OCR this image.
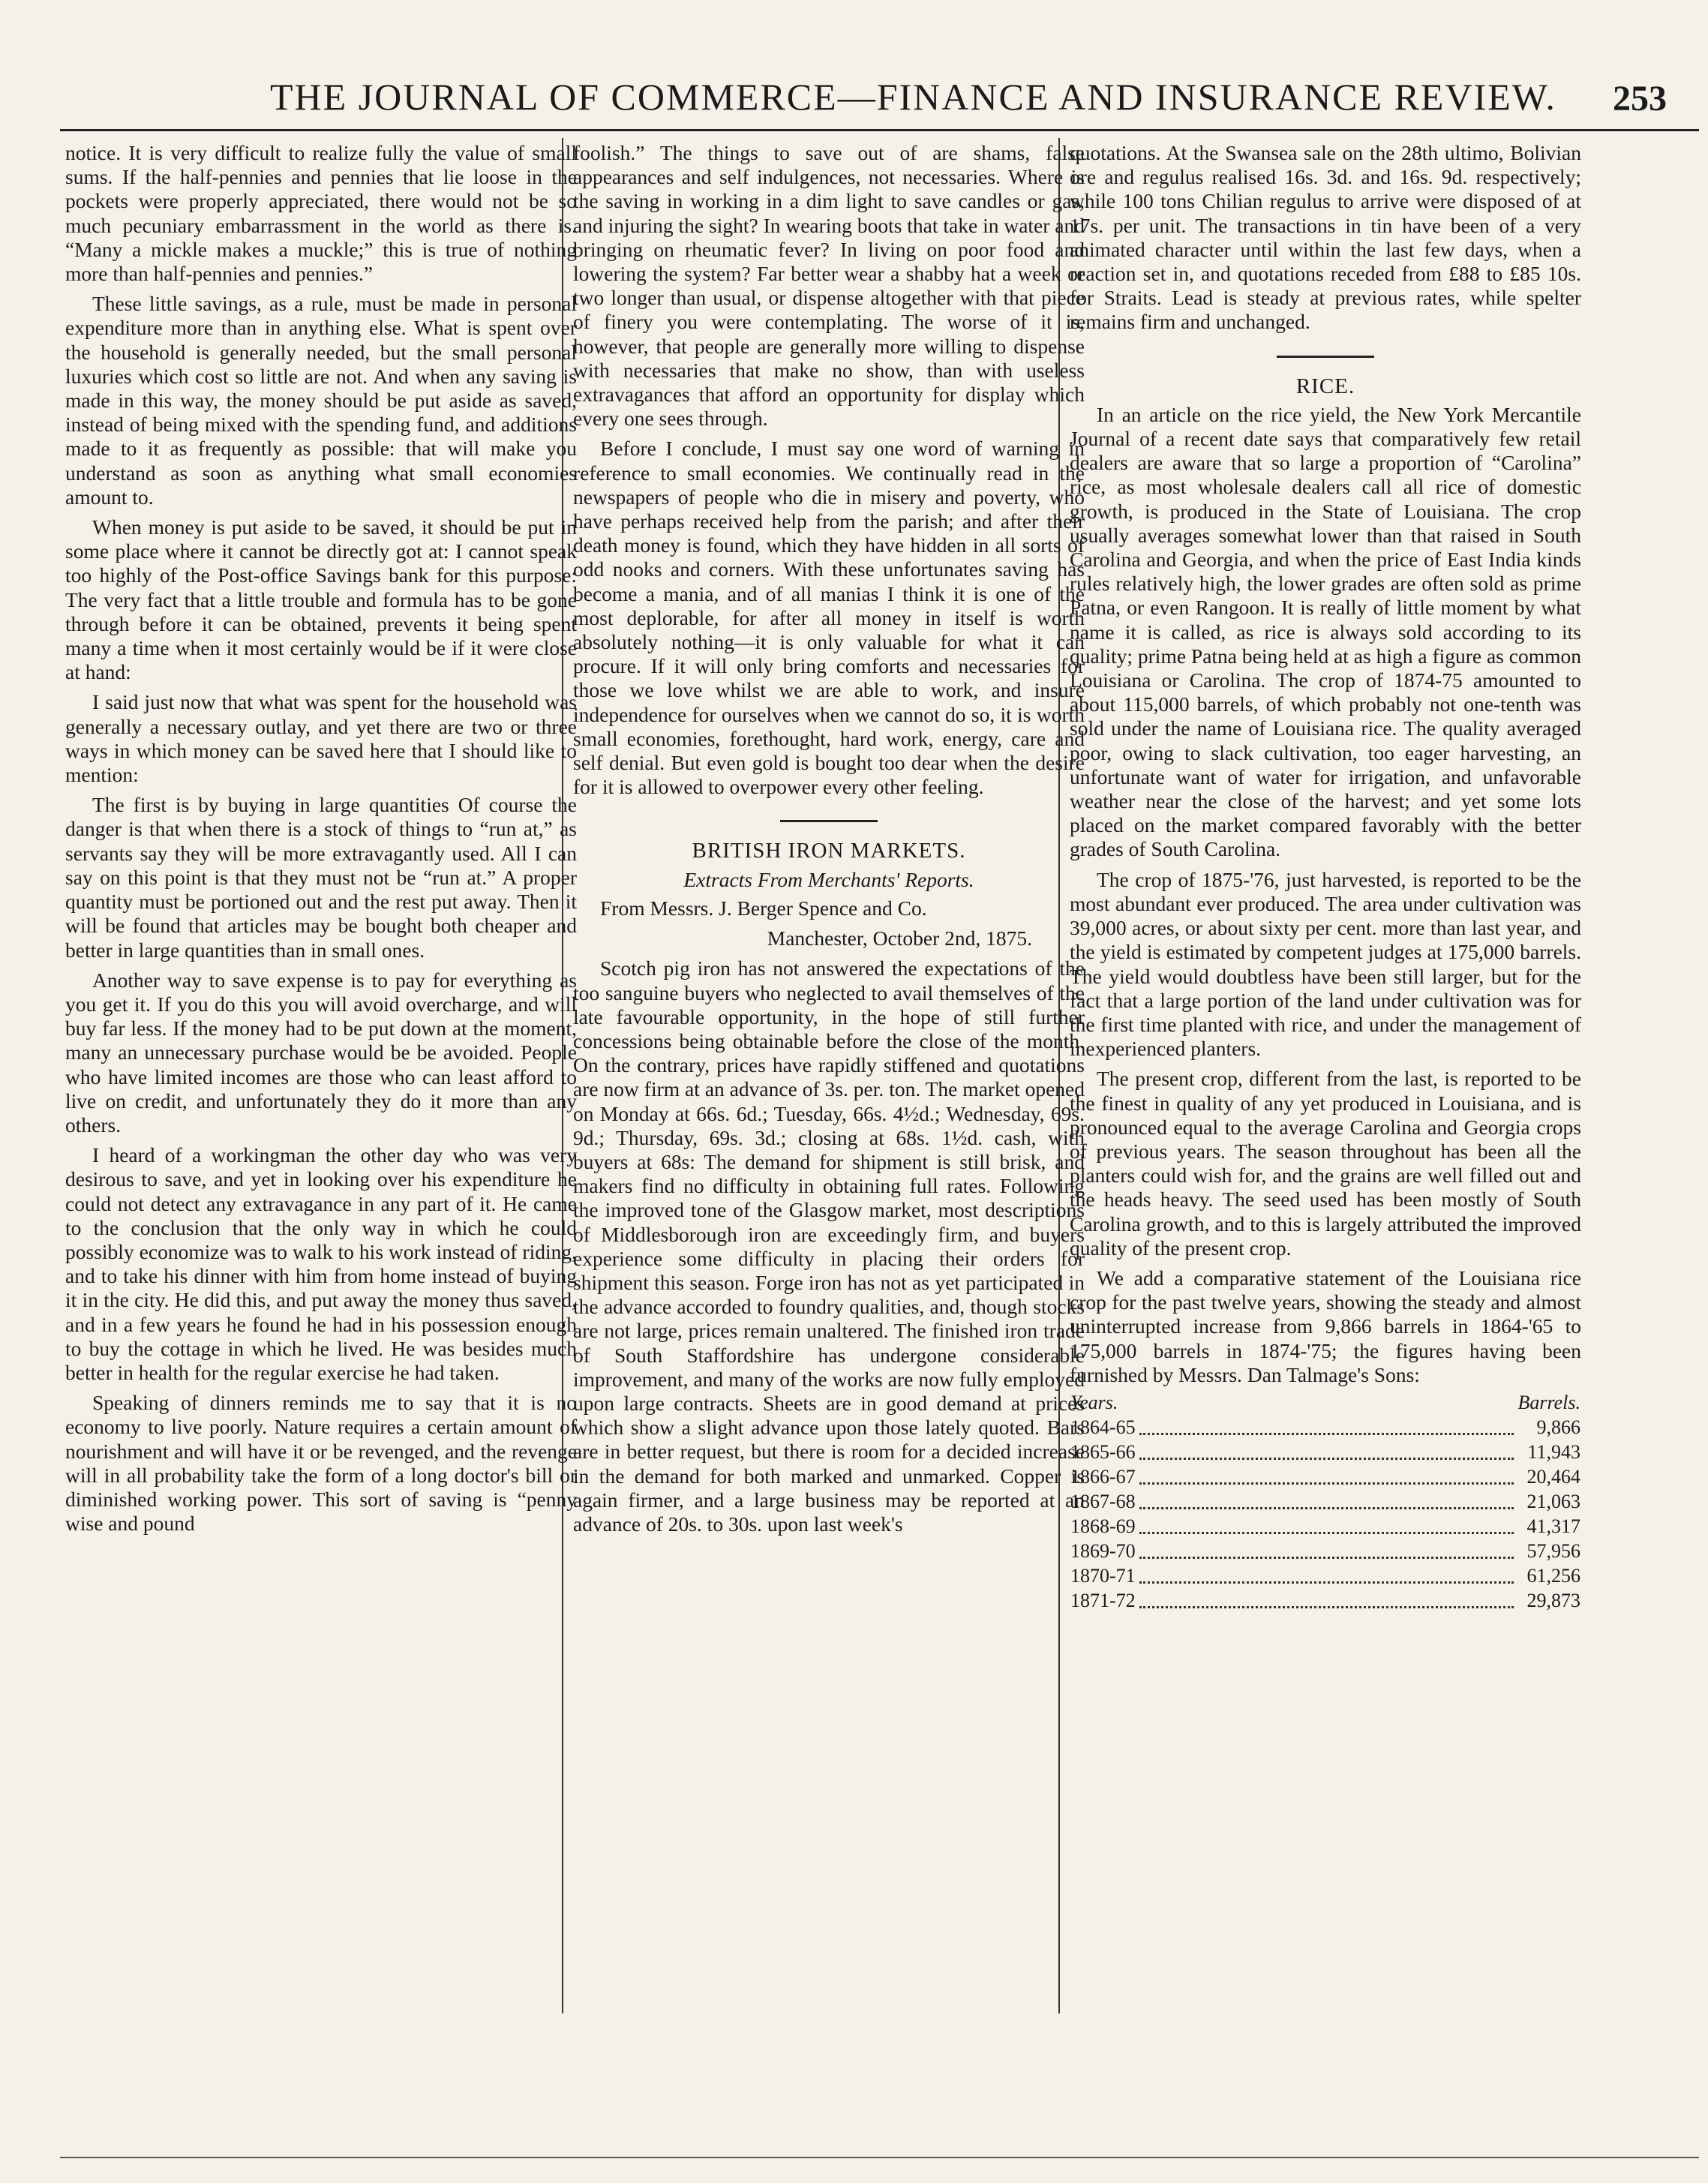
THE JOURNAL OF COMMERCE—FINANCE AND INSURANCE REVIEW. 253

notice. It is very difficult to realize fully the value of small sums. If the half-pennies and pennies that lie loose in the pockets were properly appreciated, there would not be so much pecuniary embarrassment in the world as there is. “Many a mickle makes a muckle;” this is true of nothing more than half-pennies and pennies.”

These little savings, as a rule, must be made in personal expenditure more than in anything else. What is spent over the household is generally needed, but the small personal luxuries which cost so little are not. And when any saving is made in this way, the money should be put aside as saved, instead of being mixed with the spending fund, and additions made to it as frequently as possible: that will make you understand as soon as anything what small economies amount to.

When money is put aside to be saved, it should be put in some place where it cannot be directly got at: I cannot speak too highly of the Post-office Savings bank for this purpose: The very fact that a little trouble and formula has to be gone through before it can be obtained, prevents it being spent many a time when it most certainly would be if it were close at hand:

I said just now that what was spent for the household was generally a necessary outlay, and yet there are two or three ways in which money can be saved here that I should like to mention:

The first is by buying in large quantities Of course the danger is that when there is a stock of things to “run at,” as servants say they will be more extravagantly used. All I can say on this point is that they must not be “run at.” A proper quantity must be portioned out and the rest put away. Then it will be found that articles may be bought both cheaper and better in large quantities than in small ones.

Another way to save expense is to pay for everything as you get it. If you do this you will avoid overcharge, and will buy far less. If the money had to be put down at the moment, many an unnecessary purchase would be be avoided. People who have limited incomes are those who can least afford to live on credit, and unfortunately they do it more than any others.

I heard of a workingman the other day who was very desirous to save, and yet in looking over his expenditure he could not detect any extravagance in any part of it. He came to the conclusion that the only way in which he could possibly economize was to walk to his work instead of riding, and to take his dinner with him from home instead of buying it in the city. He did this, and put away the money thus saved, and in a few years he found he had in his possession enough to buy the cottage in which he lived. He was besides much better in health for the regular exercise he had taken.

Speaking of dinners reminds me to say that it is no economy to live poorly. Nature requires a certain amount of nourishment and will have it or be revenged, and the revenge will in all probability take the form of a long doctor's bill or diminished working power. This sort of saving is “penny wise and pound

foolish.” The things to save out of are shams, false appearances and self indulgences, not necessaries. Where is the saving in working in a dim light to save candles or gas, and injuring the sight? In wearing boots that take in water and bringing on rheumatic fever? In living on poor food and lowering the system? Far better wear a shabby hat a week or two longer than usual, or dispense altogether with that piece of finery you were contemplating. The worse of it is, however, that people are generally more willing to dispense with necessaries that make no show, than with useless extravagances that afford an opportunity for display which every one sees through.

Before I conclude, I must say one word of warning in reference to small economies. We continually read in the newspapers of people who die in misery and poverty, who have perhaps received help from the parish; and after their death money is found, which they have hidden in all sorts of odd nooks and corners. With these unfortunates saving has become a mania, and of all manias I think it is one of the most deplorable, for after all money in itself is worth absolutely nothing—it is only valuable for what it can procure. If it will only bring comforts and necessaries for those we love whilst we are able to work, and insure independence for ourselves when we cannot do so, it is worth small economies, forethought, hard work, energy, care and self denial. But even gold is bought too dear when the desire for it is allowed to overpower every other feeling.

BRITISH IRON MARKETS.
Extracts From Merchants' Reports.

From Messrs. J. Berger Spence and Co.

Manchester, October 2nd, 1875.

Scotch pig iron has not answered the expectations of the too sanguine buyers who neglected to avail themselves of the late favourable opportunity, in the hope of still further concessions being obtainable before the close of the month. On the contrary, prices have rapidly stiffened and quotations are now firm at an advance of 3s. per. ton. The market opened on Monday at 66s. 6d.; Tuesday, 66s. 4½d.; Wednesday, 69s. 9d.; Thursday, 69s. 3d.; closing at 68s. 1½d. cash, with buyers at 68s: The demand for shipment is still brisk, and makers find no difficulty in obtaining full rates. Following the improved tone of the Glasgow market, most descriptions of Middlesborough iron are exceedingly firm, and buyers experience some difficulty in placing their orders for shipment this season. Forge iron has not as yet participated in the advance accorded to foundry qualities, and, though stocks are not large, prices remain unaltered. The finished iron trade of South Staffordshire has undergone considerable improvement, and many of the works are now fully employed upon large contracts. Sheets are in good demand at prices which show a slight advance upon those lately quoted. Bars are in better request, but there is room for a decided increase in the demand for both marked and unmarked. Copper is again firmer, and a large business may be reported at an advance of 20s. to 30s. upon last week's

quotations. At the Swansea sale on the 28th ultimo, Bolivian ore and regulus realised 16s. 3d. and 16s. 9d. respectively; while 100 tons Chilian regulus to arrive were disposed of at 17s. per unit. The transactions in tin have been of a very animated character until within the last few days, when a reaction set in, and quotations receded from £88 to £85 10s. for Straits. Lead is steady at previous rates, while spelter remains firm and unchanged.

RICE.

In an article on the rice yield, the New York Mercantile Journal of a recent date says that comparatively few retail dealers are aware that so large a proportion of “Carolina” rice, as most wholesale dealers call all rice of domestic growth, is produced in the State of Louisiana. The crop usually averages somewhat lower than that raised in South Carolina and Georgia, and when the price of East India kinds rules relatively high, the lower grades are often sold as prime Patna, or even Rangoon. It is really of little moment by what name it is called, as rice is always sold according to its quality; prime Patna being held at as high a figure as common Louisiana or Carolina. The crop of 1874-75 amounted to about 115,000 barrels, of which probably not one-tenth was sold under the name of Louisiana rice. The quality averaged poor, owing to slack cultivation, too eager harvesting, an unfortunate want of water for irrigation, and unfavorable weather near the close of the harvest; and yet some lots placed on the market compared favorably with the better grades of South Carolina.

The crop of 1875-'76, just harvested, is reported to be the most abundant ever produced. The area under cultivation was 39,000 acres, or about sixty per cent. more than last year, and the yield is estimated by competent judges at 175,000 barrels. The yield would doubtless have been still larger, but for the fact that a large portion of the land under cultivation was for the first time planted with rice, and under the management of inexperienced planters.

The present crop, different from the last, is reported to be the finest in quality of any yet produced in Louisiana, and is pronounced equal to the average Carolina and Georgia crops of previous years. The season throughout has been all the planters could wish for, and the grains are well filled out and the heads heavy. The seed used has been mostly of South Carolina growth, and to this is largely attributed the improved quality of the present crop.

We add a comparative statement of the Louisiana rice crop for the past twelve years, showing the steady and almost uninterrupted increase from 9,866 barrels in 1864-'65 to 175,000 barrels in 1874-'75; the figures having been furnished by Messrs. Dan Talmage's Sons:

Years.		Barrels.
1864-65		9,866
1865-66		11,943
1866-67		20,464
1867-68		21,063
1868-69		41,317
1869-70		57,956
1870-71		61,256
1871-72		29,873
